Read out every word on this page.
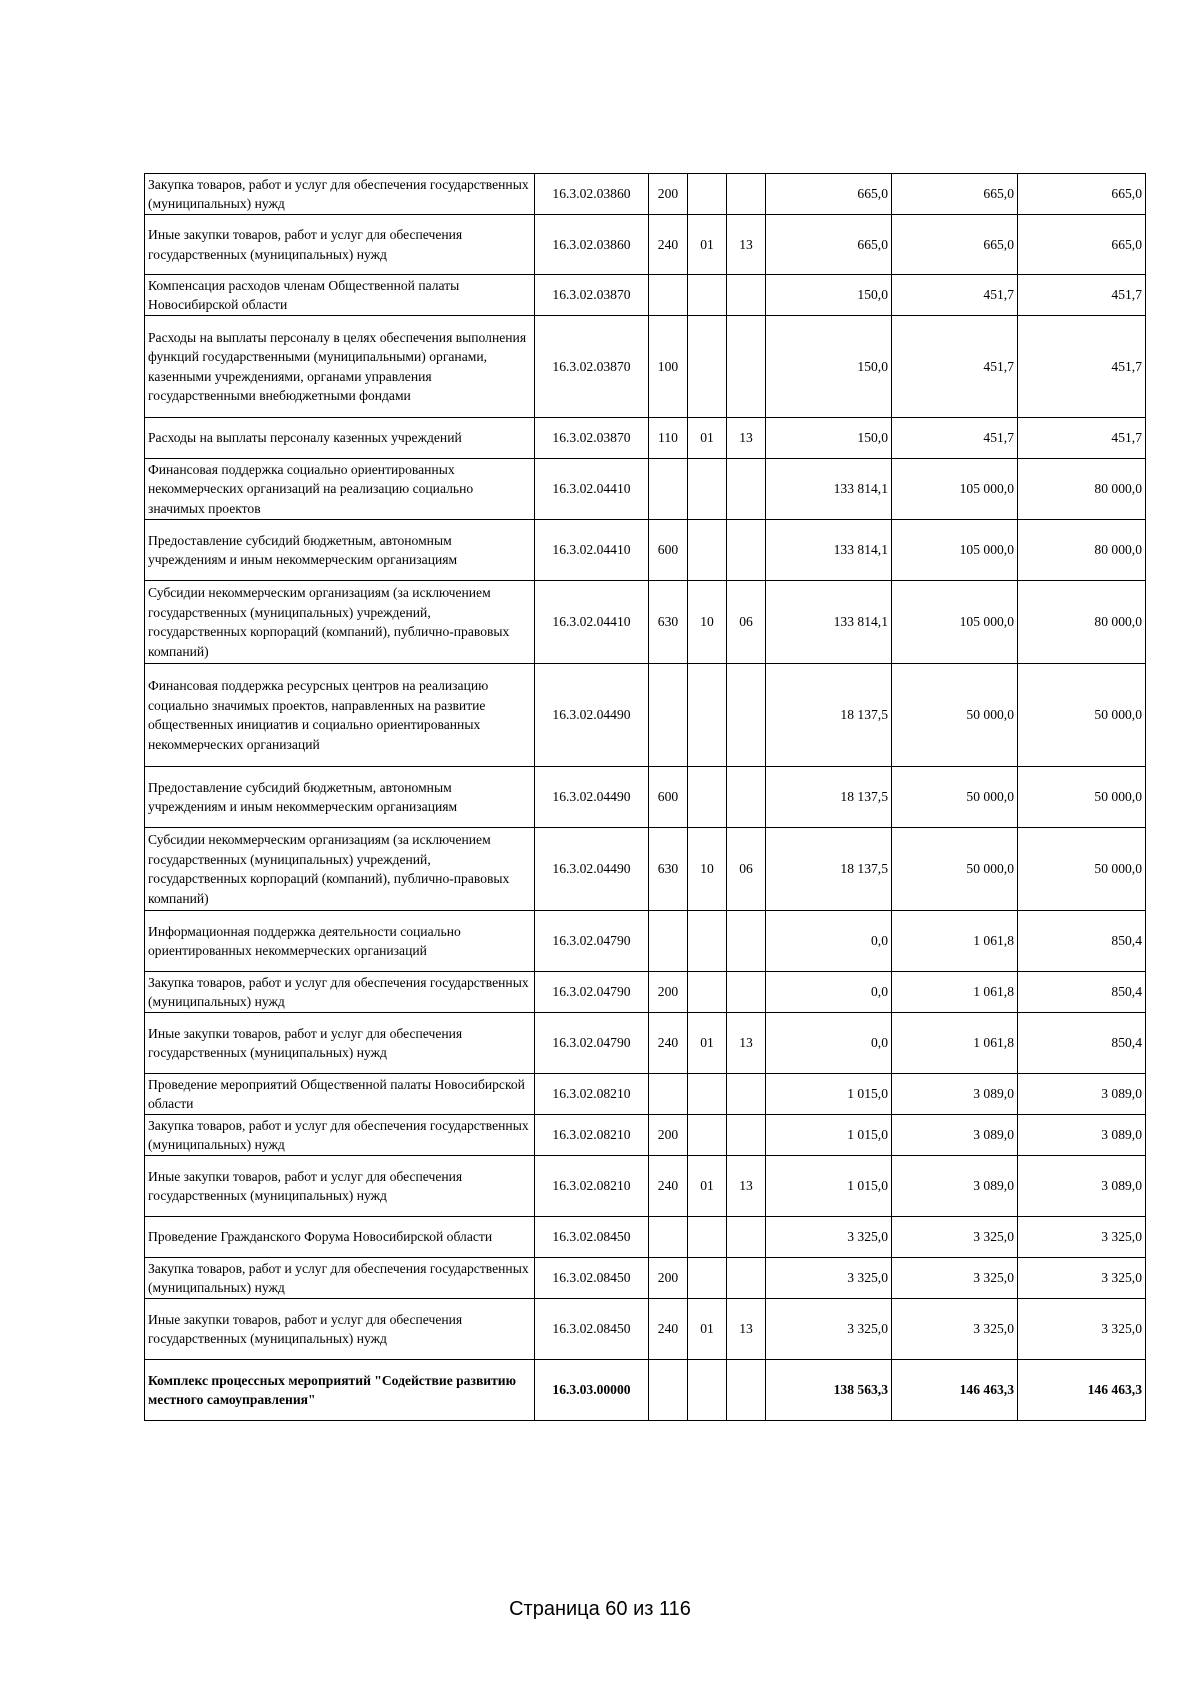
Закупка товаров, работ и услуг для обеспечения государственных (муниципальных) нужд	16.3.02.03860	200			665,0	665,0	665,0
Иные закупки товаров, работ и услуг для обеспечения государственных (муниципальных) нужд	16.3.02.03860	240	01	13	665,0	665,0	665,0
Компенсация расходов членам Общественной палаты Новосибирской области	16.3.02.03870				150,0	451,7	451,7
Расходы на выплаты персоналу в целях обеспечения выполнения функций государственными (муниципальными) органами, казенными учреждениями, органами управления государственными внебюджетными фондами	16.3.02.03870	100			150,0	451,7	451,7
Расходы на выплаты персоналу казенных учреждений	16.3.02.03870	110	01	13	150,0	451,7	451,7
Финансовая поддержка социально ориентированных некоммерческих организаций на реализацию социально значимых проектов	16.3.02.04410				133 814,1	105 000,0	80 000,0
Предоставление субсидий бюджетным, автономным учреждениям и иным некоммерческим организациям	16.3.02.04410	600			133 814,1	105 000,0	80 000,0
Субсидии некоммерческим организациям (за исключением государственных (муниципальных) учреждений, государственных корпораций (компаний), публично-правовых компаний)	16.3.02.04410	630	10	06	133 814,1	105 000,0	80 000,0
Финансовая поддержка ресурсных центров на реализацию социально значимых проектов, направленных на развитие общественных инициатив и социально ориентированных некоммерческих организаций	16.3.02.04490				18 137,5	50 000,0	50 000,0
Предоставление субсидий бюджетным, автономным учреждениям и иным некоммерческим организациям	16.3.02.04490	600			18 137,5	50 000,0	50 000,0
Субсидии некоммерческим организациям (за исключением государственных (муниципальных) учреждений, государственных корпораций (компаний), публично-правовых компаний)	16.3.02.04490	630	10	06	18 137,5	50 000,0	50 000,0
Информационная поддержка деятельности социально ориентированных некоммерческих организаций	16.3.02.04790				0,0	1 061,8	850,4
Закупка товаров, работ и услуг для обеспечения государственных (муниципальных) нужд	16.3.02.04790	200			0,0	1 061,8	850,4
Иные закупки товаров, работ и услуг для обеспечения государственных (муниципальных) нужд	16.3.02.04790	240	01	13	0,0	1 061,8	850,4
Проведение мероприятий Общественной палаты Новосибирской области	16.3.02.08210				1 015,0	3 089,0	3 089,0
Закупка товаров, работ и услуг для обеспечения государственных (муниципальных) нужд	16.3.02.08210	200			1 015,0	3 089,0	3 089,0
Иные закупки товаров, работ и услуг для обеспечения государственных (муниципальных) нужд	16.3.02.08210	240	01	13	1 015,0	3 089,0	3 089,0
Проведение Гражданского Форума Новосибирской области	16.3.02.08450				3 325,0	3 325,0	3 325,0
Закупка товаров, работ и услуг для обеспечения государственных (муниципальных) нужд	16.3.02.08450	200			3 325,0	3 325,0	3 325,0
Иные закупки товаров, работ и услуг для обеспечения государственных (муниципальных) нужд	16.3.02.08450	240	01	13	3 325,0	3 325,0	3 325,0
Комплекс процессных мероприятий "Содействие развитию местного самоуправления"	16.3.03.00000				138 563,3	146 463,3	146 463,3
Страница 60 из 116
